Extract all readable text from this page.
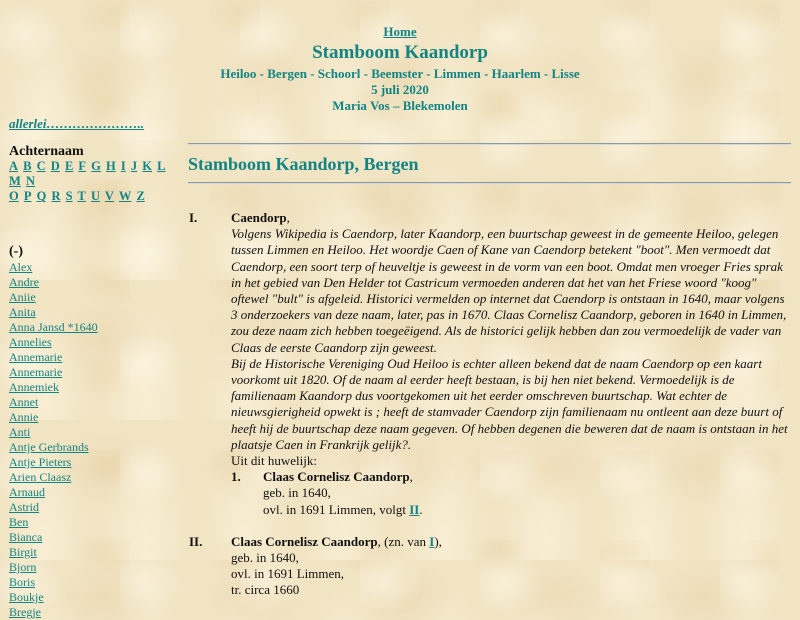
Home
Stamboom Kaandorp
Heiloo - Bergen - Schoorl - Beemster - Limmen - Haarlem - Lisse
5 juli 2020
Maria Vos – Blekemolen
allerlei…………………..
Achternaam
A B C D E F G H I J K L M N
O P Q R S T U V W Z
(-)
Alex
Andre
Aniie
Anita
Anna Jansd *1640
Annelies
Annemarie
Annemarie
Annemiek
Annet
Annie
Anti
Antje Gerbrands
Antje Pieters
Arien Claasz
Arnaud
Astrid
Ben
Bianca
Birgit
Bjorn
Boris
Boukje
Bregje
Stamboom Kaandorp, Bergen
I.	Caendorp,
Volgens Wikipedia is Caendorp, later Kaandorp, een buurtschap geweest in de gemeente Heiloo, gelegen tussen Limmen en Heiloo. Het woordje Caen of Kane van Caendorp betekent "boot". Men vermoedt dat Caendorp, een soort terp of heuveltje is geweest in de vorm van een boot. Omdat men vroeger Fries sprak in het gebied van Den Helder tot Castricum vermoeden anderen dat het van het Friese woord "koog" oftewel "bult" is afgeleid. Historici vermelden op internet dat Caendorp is ontstaan in 1640, maar volgens 3 onderzoekers van deze naam, later, pas in 1670. Claas Cornelisz Caandorp, geboren in 1640 in Limmen, zou deze naam zich hebben toegeëigend. Als de historici gelijk hebben dan zou vermoedelijk de vader van Claas de eerste Caandorp zijn geweest.
Bij de Historische Vereniging Oud Heiloo is echter alleen bekend dat de naam Caendorp op een kaart voorkomt uit 1820. Of de naam al eerder heeft bestaan, is bij hen niet bekend. Vermoedelijk is de familienaam Kaandorp dus voortgekomen uit het eerder omschreven buurtschap. Wat echter de nieuwsgierigheid opwekt is ; heeft de stamvader Caendorp zijn familienaam nu ontleent aan deze buurt of heeft hij de buurtschap deze naam gegeven. Of hebben degenen die beweren dat de naam is ontstaan in het plaatsje Caen in Frankrijk gelijk?.
Uit dit huwelijk:
1. Claas Cornelisz Caandorp,
geb. in 1640,
ovl. in 1691 Limmen, volgt II.
II. Claas Cornelisz Caandorp, (zn. van I),
geb. in 1640,
ovl. in 1691 Limmen,
tr. circa 1660
